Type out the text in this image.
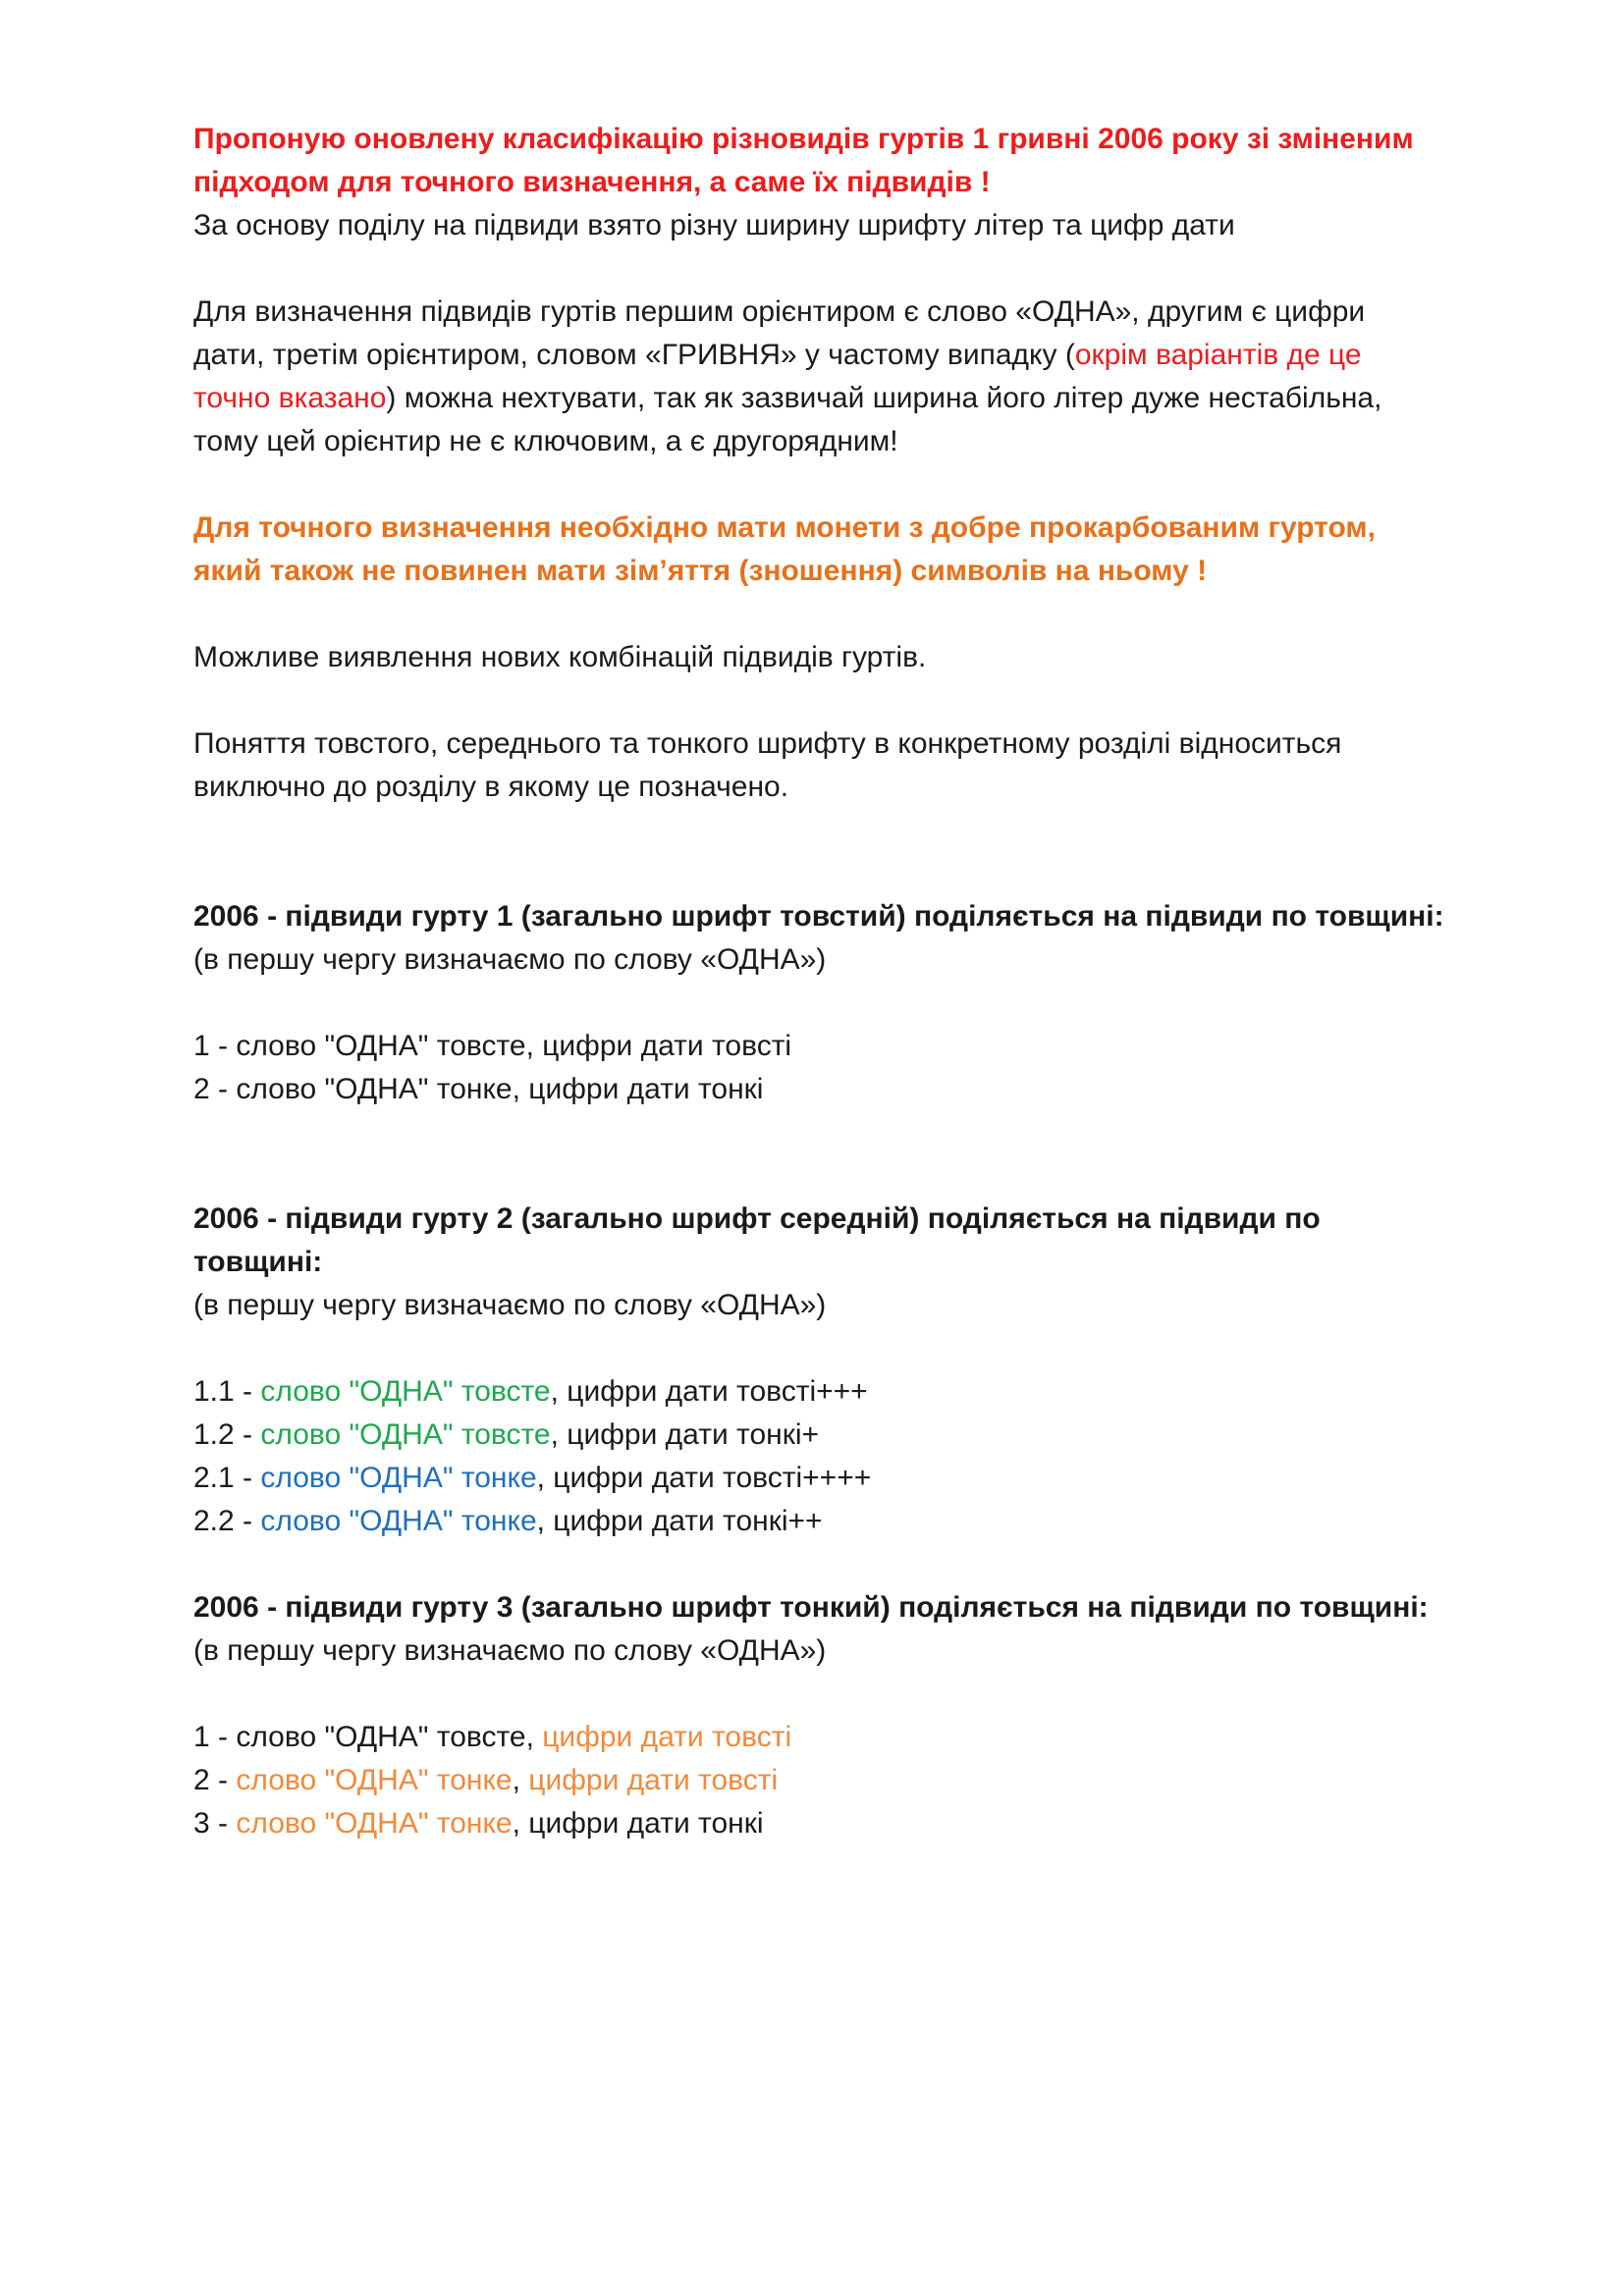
Пропоную оновлену класифікацію різновидів гуртів 1 гривні 2006 року зі зміненим
підходом для точного визначення, а саме їх підвидів !
За основу поділу на підвиди взято різну ширину шрифту літер та цифр дати
Для визначення підвидів гуртів першим орієнтиром є слово «ОДНА», другим є цифри
дати, третім орієнтиром, словом «ГРИВНЯ» у частому випадку (окрім варіантів де це
точно вказано) можна нехтувати, так як зазвичай ширина його літер дуже нестабільна,
тому цей орієнтир не є ключовим, а є другорядним!
Для точного визначення необхідно мати монети з добре прокарбованим гуртом,
який також не повинен мати зім’яття (зношення) символів на ньому !
Можливе виявлення нових комбінацій підвидів гуртів.
Поняття товстого, середнього та тонкого шрифту в конкретному розділі відноситься
виключно до розділу в якому це позначено.
2006 - підвиди гурту 1 (загально шрифт товстий) поділяється на підвиди по товщині:
(в першу чергу визначаємо по слову «ОДНА»)
1 - слово "ОДНА" товсте, цифри дати товсті
2 - слово "ОДНА" тонке, цифри дати тонкі
2006 - підвиди гурту 2 (загально шрифт середній) поділяється на підвиди по
товщині:
(в першу чергу визначаємо по слову «ОДНА»)
1.1 - слово "ОДНА" товсте, цифри дати товсті+++
1.2 - слово "ОДНА" товсте, цифри дати тонкі+
2.1 - слово "ОДНА" тонке, цифри дати товсті++++
2.2 - слово "ОДНА" тонке, цифри дати тонкі++
2006 - підвиди гурту 3 (загально шрифт тонкий) поділяється на підвиди по товщині:
(в першу чергу визначаємо по слову «ОДНА»)
1 - слово "ОДНА" товсте, цифри дати товсті
2 - слово "ОДНА" тонке, цифри дати товсті
3 - слово "ОДНА" тонке, цифри дати тонкі
